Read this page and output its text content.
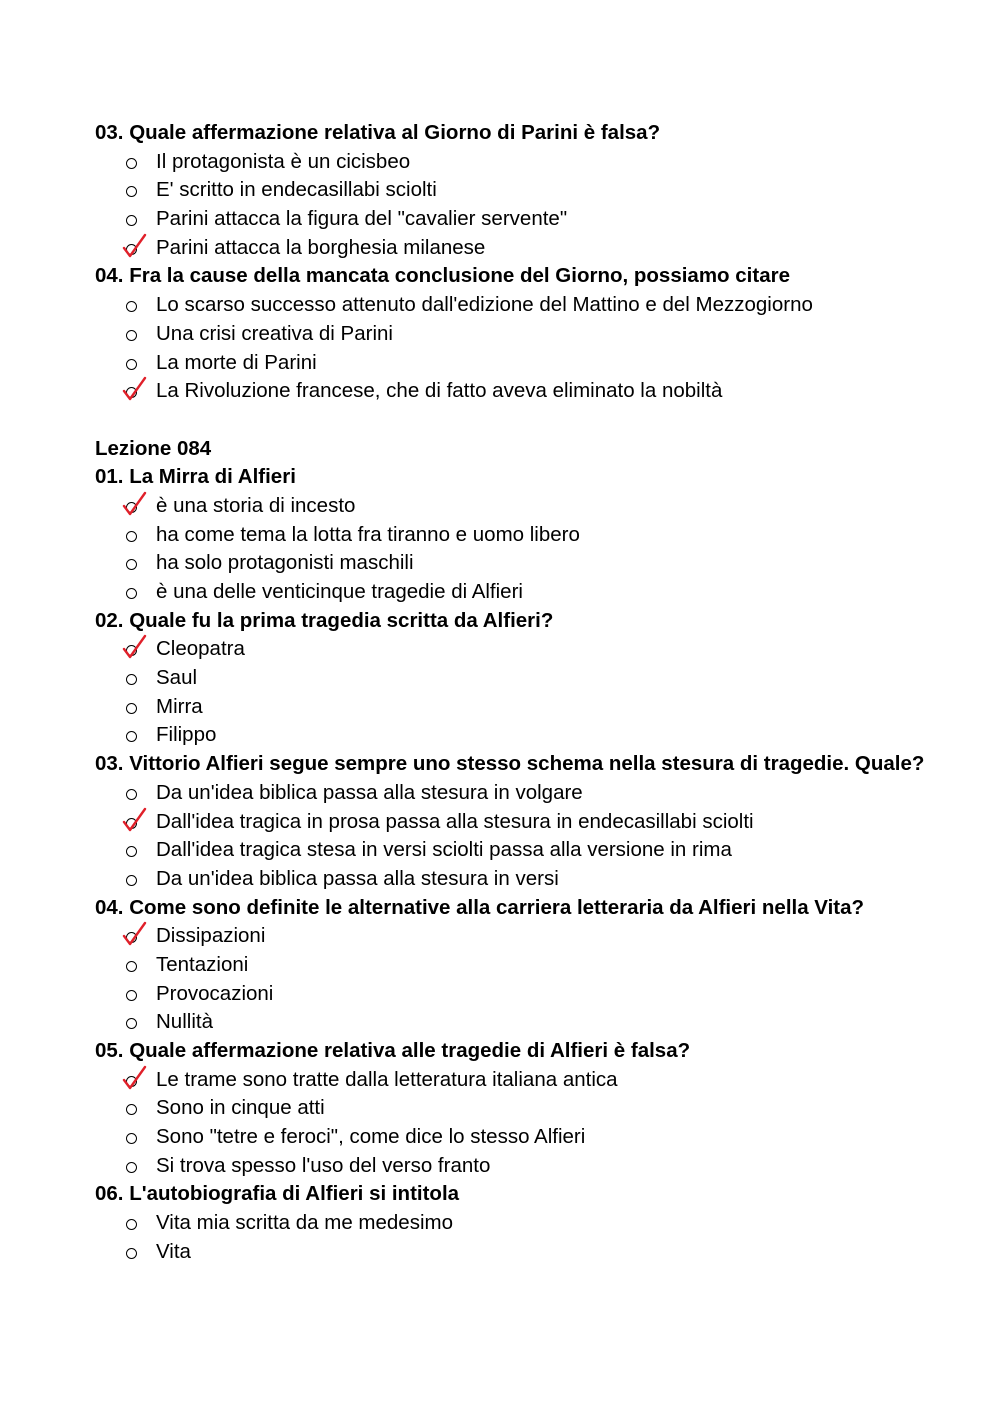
03. Quale affermazione relativa al Giorno di Parini è falsa?
Il protagonista è un cicisbeo
E' scritto in endecasillabi sciolti
Parini attacca la figura del "cavalier servente"
Parini attacca la borghesia milanese
04. Fra la cause della mancata conclusione del Giorno, possiamo citare
Lo scarso successo attenuto dall'edizione del Mattino e del Mezzogiorno
Una crisi creativa di Parini
La morte di Parini
La Rivoluzione francese, che di fatto aveva eliminato la nobiltà
Lezione 084
01. La Mirra di Alfieri
è una storia di incesto
ha come tema la lotta fra tiranno e uomo libero
ha solo protagonisti maschili
è una delle venticinque tragedie di Alfieri
02. Quale fu la prima tragedia scritta da Alfieri?
Cleopatra
Saul
Mirra
Filippo
03. Vittorio Alfieri segue sempre uno stesso schema nella stesura di tragedie. Quale?
Da un'idea biblica passa alla stesura in volgare
Dall'idea tragica in prosa passa alla stesura in endecasillabi sciolti
Dall'idea tragica stesa in versi sciolti passa alla versione in rima
Da un'idea biblica passa alla stesura in versi
04. Come sono definite le alternative alla carriera letteraria da Alfieri nella Vita?
Dissipazioni
Tentazioni
Provocazioni
Nullità
05. Quale affermazione relativa alle tragedie di Alfieri è falsa?
Le trame sono tratte dalla letteratura italiana antica
Sono in cinque atti
Sono "tetre e feroci", come dice lo stesso Alfieri
Si trova spesso l'uso del verso franto
06. L'autobiografia di Alfieri si intitola
Vita mia scritta da me medesimo
Vita
